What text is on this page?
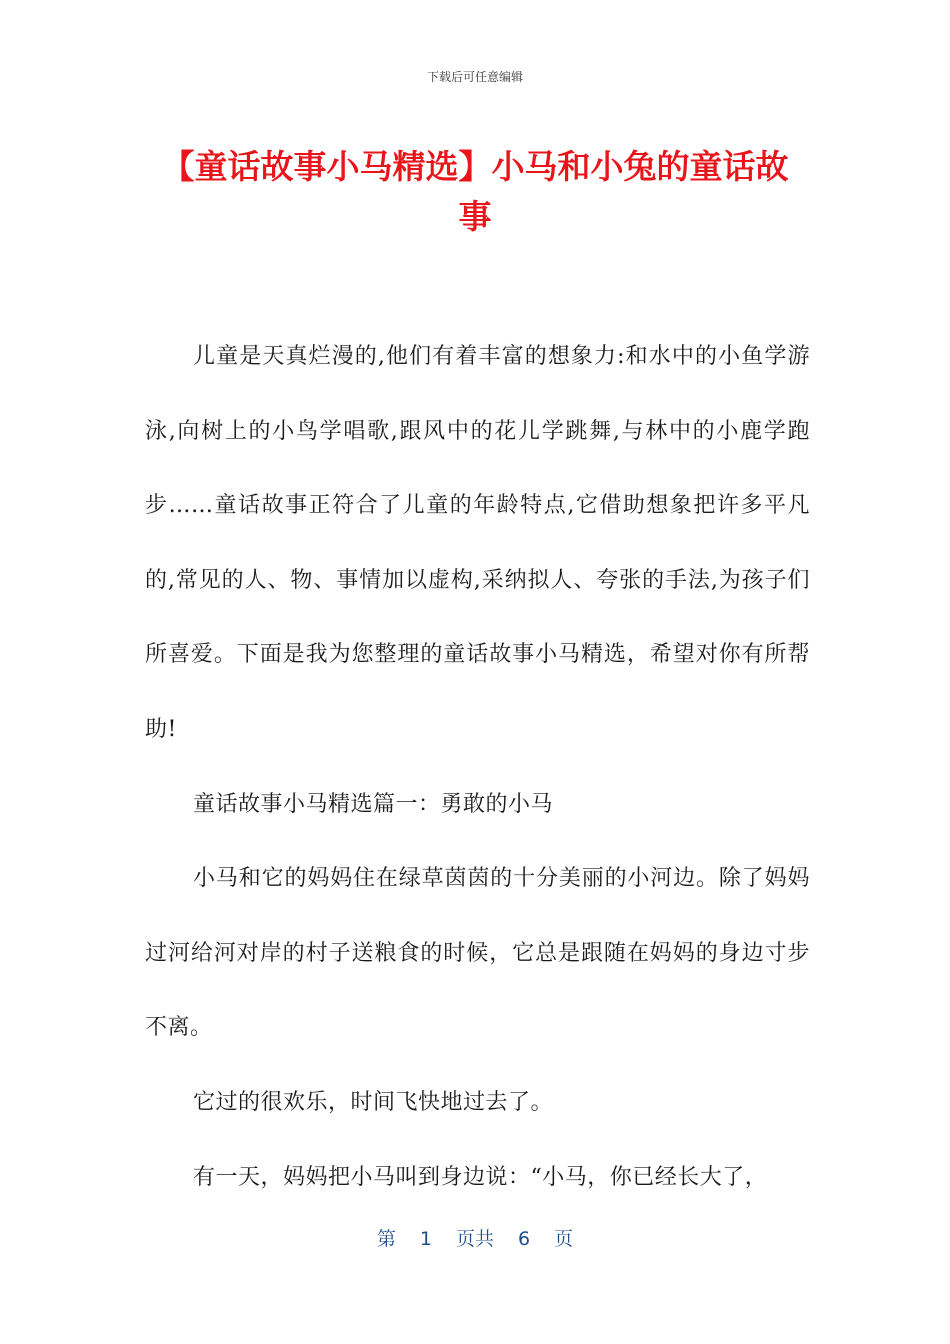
下载后可任意编辑
【童话故事小马精选】小马和小兔的童话故
事

儿童是天真烂漫的,他们有着丰富的想象力:和水中的小鱼学游泳,向树上的小鸟学唱歌,跟风中的花儿学跳舞,与林中的小鹿学跑步……童话故事正符合了儿童的年龄特点,它借助想象把许多平凡的,常见的人、物、事情加以虚构,采纳拟人、夸张的手法,为孩子们所喜爱。下面是我为您整理的童话故事小马精选，希望对你有所帮助!

童话故事小马精选篇一：勇敢的小马

小马和它的妈妈住在绿草茵茵的十分美丽的小河边。除了妈妈过河给河对岸的村子送粮食的时候，它总是跟随在妈妈的身边寸步不离。

它过的很欢乐，时间飞快地过去了。

有一天，妈妈把小马叫到身边说：“小马，你已经长大了，

第 1 页共 6 页
